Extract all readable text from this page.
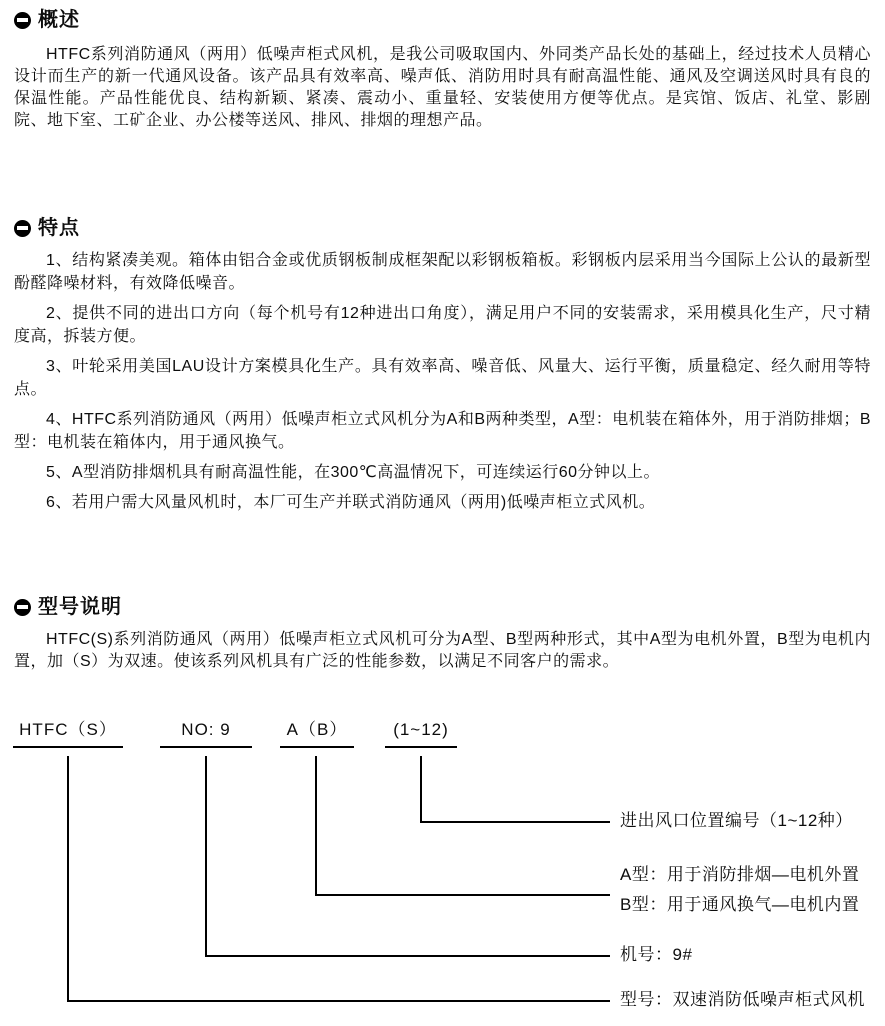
概述

HTFC系列消防通风（两用）低噪声柜式风机，是我公司吸取国内、外同类产品长处的基础上，经过技术人员精心设计而生产的新一代通风设备。该产品具有效率高、噪声低、消防用时具有耐高温性能、通风及空调送风时具有良的保温性能。产品性能优良、结构新颖、紧凑、震动小、重量轻、安装使用方便等优点。是宾馆、饭店、礼堂、影剧院、地下室、工矿企业、办公楼等送风、排风、排烟的理想产品。

特点

1、结构紧凑美观。箱体由铝合金或优质钢板制成框架配以彩钢板箱板。彩钢板内层采用当今国际上公认的最新型酚醛降噪材料，有效降低噪音。

2、提供不同的进出口方向（每个机号有12种进出口角度），满足用户不同的安装需求，采用模具化生产，尺寸精度高，拆装方便。

3、叶轮采用美国LAU设计方案模具化生产。具有效率高、噪音低、风量大、运行平衡，质量稳定、经久耐用等特点。

4、HTFC系列消防通风（两用）低噪声柜立式风机分为A和B两种类型，A型：电机装在箱体外，用于消防排烟；B型：电机装在箱体内，用于通风换气。

5、A型消防排烟机具有耐高温性能，在300℃高温情况下，可连续运行60分钟以上。

6、若用户需大风量风机时，本厂可生产并联式消防通风（两用)低噪声柜立式风机。

型号说明

HTFC(S)系列消防通风（两用）低噪声柜立式风机可分为A型、B型两种形式，其中A型为电机外置，B型为电机内置，加（S）为双速。使该系列风机具有广泛的性能参数，以满足不同客户的需求。

HTFC（S）	NO: 9	A（B）	(1~12)
进出风口位置编号（1~12种）
A型：用于消防排烟—电机外置
B型：用于通风换气—电机内置
机号：9#
型号：双速消防低噪声柜式风机
